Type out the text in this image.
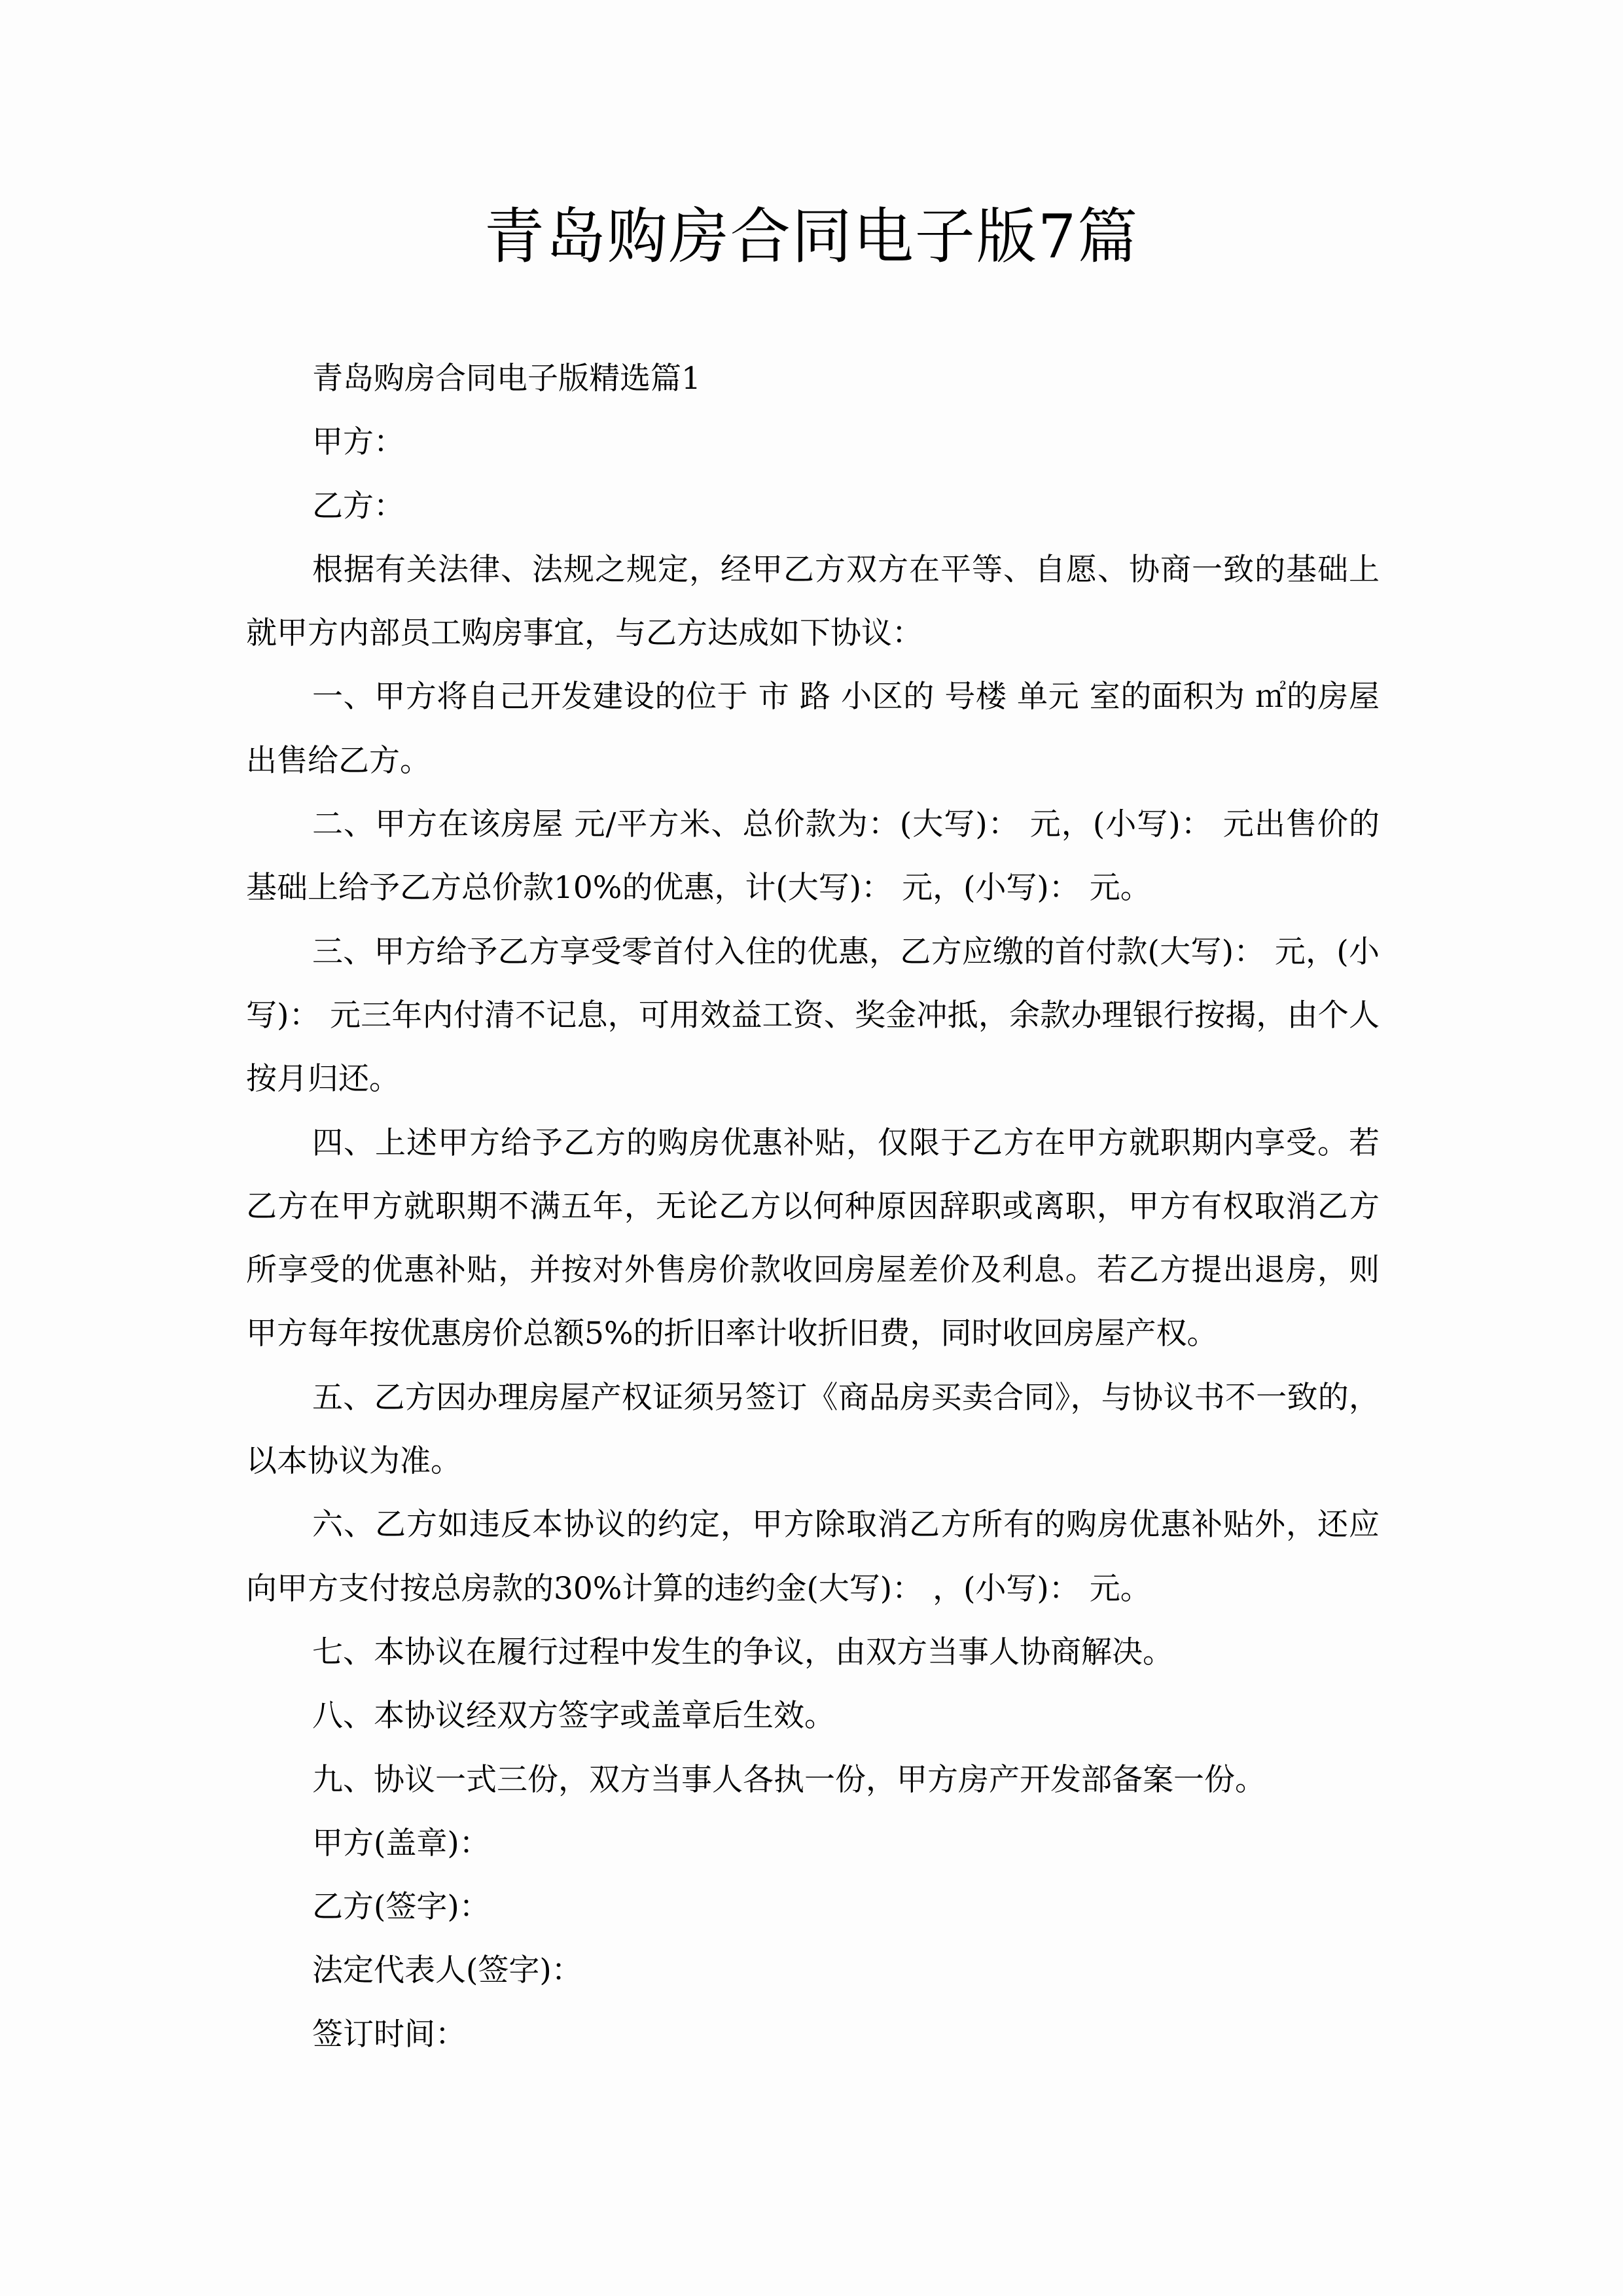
青岛购房合同电子版7篇

青岛购房合同电子版精选篇1

甲方：

乙方：

根据有关法律、法规之规定，经甲乙方双方在平等、自愿、协商一致的基础上就甲方内部员工购房事宜，与乙方达成如下协议：

一、甲方将自己开发建设的位于 市 路 小区的 号楼 单元 室的面积为 ㎡的房屋出售给乙方。

二、甲方在该房屋 元/平方米、总价款为：(大写)： 元，(小写)： 元出售价的基础上给予乙方总价款10%的优惠，计(大写)： 元，(小写)： 元。

三、甲方给予乙方享受零首付入住的优惠，乙方应缴的首付款(大写)： 元，(小写)： 元三年内付清不记息，可用效益工资、奖金冲抵，余款办理银行按揭，由个人按月归还。

四、上述甲方给予乙方的购房优惠补贴，仅限于乙方在甲方就职期内享受。若乙方在甲方就职期不满五年，无论乙方以何种原因辞职或离职，甲方有权取消乙方所享受的优惠补贴，并按对外售房价款收回房屋差价及利息。若乙方提出退房，则甲方每年按优惠房价总额5%的折旧率计收折旧费，同时收回房屋产权。

五、乙方因办理房屋产权证须另签订《商品房买卖合同》，与协议书不一致的，以本协议为准。

六、乙方如违反本协议的约定，甲方除取消乙方所有的购房优惠补贴外，还应向甲方支付按总房款的30%计算的违约金(大写)： ，(小写)： 元。

七、本协议在履行过程中发生的争议，由双方当事人协商解决。

八、本协议经双方签字或盖章后生效。

九、协议一式三份，双方当事人各执一份，甲方房产开发部备案一份。

甲方(盖章)：

乙方(签字)：

法定代表人(签字)：

签订时间：
